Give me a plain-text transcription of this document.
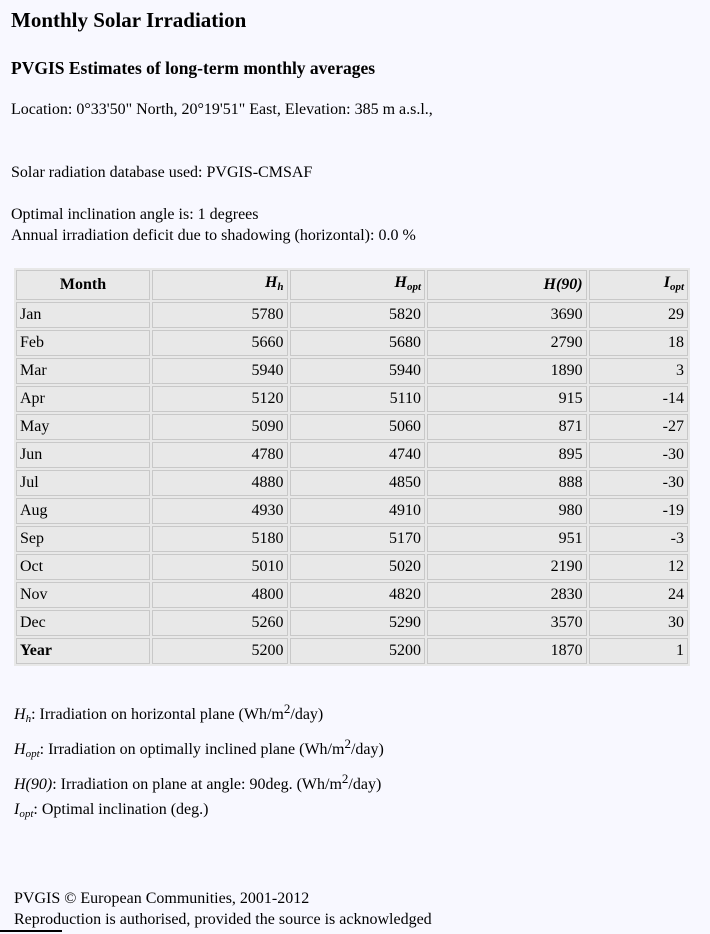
Monthly Solar Irradiation
PVGIS Estimates of long-term monthly averages

Location: 0°33'50" North, 20°19'51" East, Elevation: 385 m a.s.l.,

Solar radiation database used: PVGIS-CMSAF

Optimal inclination angle is: 1 degrees

Annual irradiation deficit due to shadowing (horizontal): 0.0 %

Month	$H_h$	$H_{opt}$	H(90)	$I_{opt}$
Jan	5780	5820	3690	29
Feb	5660	5680	2790	18
Mar	5940	5940	1890	3
Apr	5120	5110	915	-14
May	5090	5060	871	-27
Jun	4780	4740	895	-30
Jul	4880	4850	888	-30
Aug	4930	4910	980	-19
Sep	5180	5170	951	-3
Oct	5010	5020	2190	12
Nov	4800	4820	2830	24
Dec	5260	5290	3570	30
Year	5200	5200	1870	1

$H_h$: Irradiation on horizontal plane $(Wh/m^2/day)$

$H_{opt}$: Irradiation on optimally inclined plane $(Wh/m^2/day)$

H(90): Irradiation on plane at angle: 90deg. $(Wh/m^2/day)$

$I_{opt}$: Optimal inclination (deg.)

PVGIS © European Communities, 2001-2012

Reproduction is authorised, provided the source is acknowledged
